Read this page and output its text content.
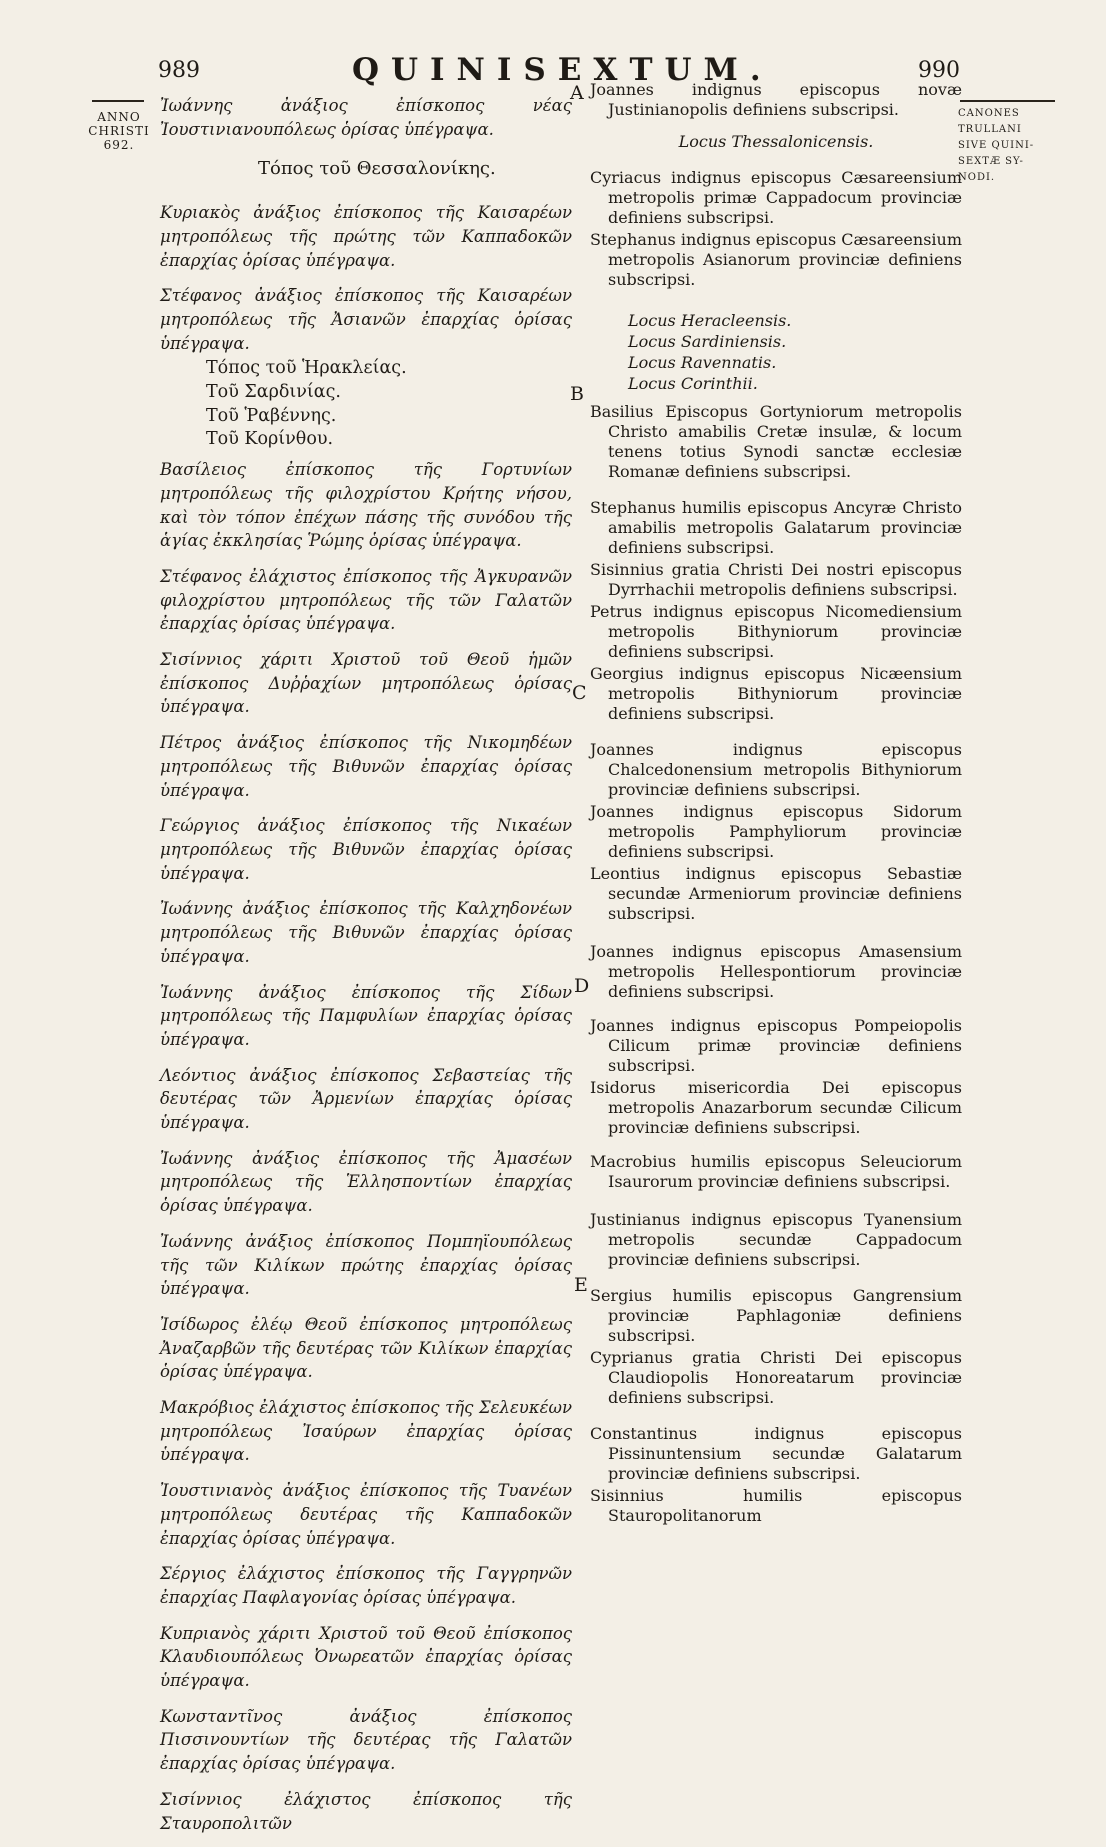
989	QUINISEXTUM.	990
ANNO
CHRISTI
692.
CANONES
TRULLANI
SIVE QUINI-
SEXTÆ SY-
NODI.
A
B
C
D
E
Ἰωάννης ἀνάξιος ἐπίσκοπος νέας Ἰουστινιανουπόλεως ὁρίσας ὑπέγραψα.
Τόπος τοῦ Θεσσαλονίκης.
Κυριακὸς ἀνάξιος ἐπίσκοπος τῆς Καισαρέων μητροπόλεως τῆς πρώτης τῶν Καππαδοκῶν ἐπαρχίας ὁρίσας ὑπέγραψα.
Στέφανος ἀνάξιος ἐπίσκοπος τῆς Καισαρέων μητροπόλεως τῆς Ἀσιανῶν ἐπαρχίας ὁρίσας ὑπέγραψα.
Τόπος τοῦ Ἡρακλείας.
Τοῦ Σαρδινίας.
Τοῦ Ῥαβέννης.
Τοῦ Κορίνθου.
Βασίλειος ἐπίσκοπος τῆς Γορτυνίων μητροπόλεως τῆς φιλοχρίστου Κρήτης νήσου, καὶ τὸν τόπον ἐπέχων πάσης τῆς συνόδου τῆς ἁγίας ἐκκλησίας Ῥώμης ὁρίσας ὑπέγραψα.
Στέφανος ἐλάχιστος ἐπίσκοπος τῆς Ἀγκυρανῶν φιλοχρίστου μητροπόλεως τῆς τῶν Γαλατῶν ἐπαρχίας ὁρίσας ὑπέγραψα.
Σισίννιος χάριτι Χριστοῦ τοῦ Θεοῦ ἡμῶν ἐπίσκοπος Δυῤῥαχίων μητροπόλεως ὁρίσας ὑπέγραψα.
Πέτρος ἀνάξιος ἐπίσκοπος τῆς Νικομηδέων μητροπόλεως τῆς Βιθυνῶν ἐπαρχίας ὁρίσας ὑπέγραψα.
Γεώργιος ἀνάξιος ἐπίσκοπος τῆς Νικαέων μητροπόλεως τῆς Βιθυνῶν ἐπαρχίας ὁρίσας ὑπέγραψα.
Ἰωάννης ἀνάξιος ἐπίσκοπος τῆς Καλχηδονέων μητροπόλεως τῆς Βιθυνῶν ἐπαρχίας ὁρίσας ὑπέγραψα.
Ἰωάννης ἀνάξιος ἐπίσκοπος τῆς Σίδων μητροπόλεως τῆς Παμφυλίων ἐπαρχίας ὁρίσας ὑπέγραψα.
Λεόντιος ἀνάξιος ἐπίσκοπος Σεβαστείας τῆς δευτέρας τῶν Ἀρμενίων ἐπαρχίας ὁρίσας ὑπέγραψα.
Ἰωάννης ἀνάξιος ἐπίσκοπος τῆς Ἀμασέων μητροπόλεως τῆς Ἑλλησποντίων ἐπαρχίας ὁρίσας ὑπέγραψα.
Ἰωάννης ἀνάξιος ἐπίσκοπος Πομπηϊουπόλεως τῆς τῶν Κιλίκων πρώτης ἐπαρχίας ὁρίσας ὑπέγραψα.
Ἰσίδωρος ἐλέῳ Θεοῦ ἐπίσκοπος μητροπόλεως Ἀναζαρβῶν τῆς δευτέρας τῶν Κιλίκων ἐπαρχίας ὁρίσας ὑπέγραψα.
Μακρόβιος ἐλάχιστος ἐπίσκοπος τῆς Σελευκέων μητροπόλεως Ἰσαύρων ἐπαρχίας ὁρίσας ὑπέγραψα.
Ἰουστινιανὸς ἀνάξιος ἐπίσκοπος τῆς Τυανέων μητροπόλεως δευτέρας τῆς Καππαδοκῶν ἐπαρχίας ὁρίσας ὑπέγραψα.
Σέργιος ἐλάχιστος ἐπίσκοπος τῆς Γαγγρηνῶν ἐπαρχίας Παφλαγονίας ὁρίσας ὑπέγραψα.
Κυπριανὸς χάριτι Χριστοῦ τοῦ Θεοῦ ἐπίσκοπος Κλαυδιουπόλεως Ὀνωρεατῶν ἐπαρχίας ὁρίσας ὑπέγραψα.
Κωνσταντῖνος ἀνάξιος ἐπίσκοπος Πισσινουντίων τῆς δευτέρας τῆς Γαλατῶν ἐπαρχίας ὁρίσας ὑπέγραψα.
Σισίννιος ἐλάχιστος ἐπίσκοπος τῆς Σταυροπολιτῶν
Joannes indignus episcopus novæ Justinianopolis definiens subscripsi.
Locus Thessalonicensis.
Cyriacus indignus episcopus Cæsareensium metropolis primæ Cappadocum provinciæ definiens subscripsi.
Stephanus indignus episcopus Cæsareensium metropolis Asianorum provinciæ definiens subscripsi.
Locus Heracleensis.
Locus Sardiniensis.
Locus Ravennatis.
Locus Corinthii.
Basilius Episcopus Gortyniorum metropolis Christo amabilis Cretæ insulæ, & locum tenens totius Synodi sanctæ ecclesiæ Romanæ definiens subscripsi.
Stephanus humilis episcopus Ancyræ Christo amabilis metropolis Galatarum provinciæ definiens subscripsi.
Sisinnius gratia Christi Dei nostri episcopus Dyrrhachii metropolis definiens subscripsi.
Petrus indignus episcopus Nicomediensium metropolis Bithyniorum provinciæ definiens subscripsi.
Georgius indignus episcopus Nicæensium metropolis Bithyniorum provinciæ definiens subscripsi.
Joannes indignus episcopus Chalcedonensium metropolis Bithyniorum provinciæ definiens subscripsi.
Joannes indignus episcopus Sidorum metropolis Pamphyliorum provinciæ definiens subscripsi.
Leontius indignus episcopus Sebastiæ secundæ Armeniorum provinciæ definiens subscripsi.
Joannes indignus episcopus Amasensium metropolis Hellespontiorum provinciæ definiens subscripsi.
Joannes indignus episcopus Pompeiopolis Cilicum primæ provinciæ definiens subscripsi.
Isidorus misericordia Dei episcopus metropolis Anazarborum secundæ Cilicum provinciæ definiens subscripsi.
Macrobius humilis episcopus Seleuciorum Isaurorum provinciæ definiens subscripsi.
Justinianus indignus episcopus Tyanensium metropolis secundæ Cappadocum provinciæ definiens subscripsi.
Sergius humilis episcopus Gangrensium provinciæ Paphlagoniæ definiens subscripsi.
Cyprianus gratia Christi Dei episcopus Claudiopolis Honoreatarum provinciæ definiens subscripsi.
Constantinus indignus episcopus Pissinuntensium secundæ Galatarum provinciæ definiens subscripsi.
Sisinnius humilis episcopus Stauropolitanorum
